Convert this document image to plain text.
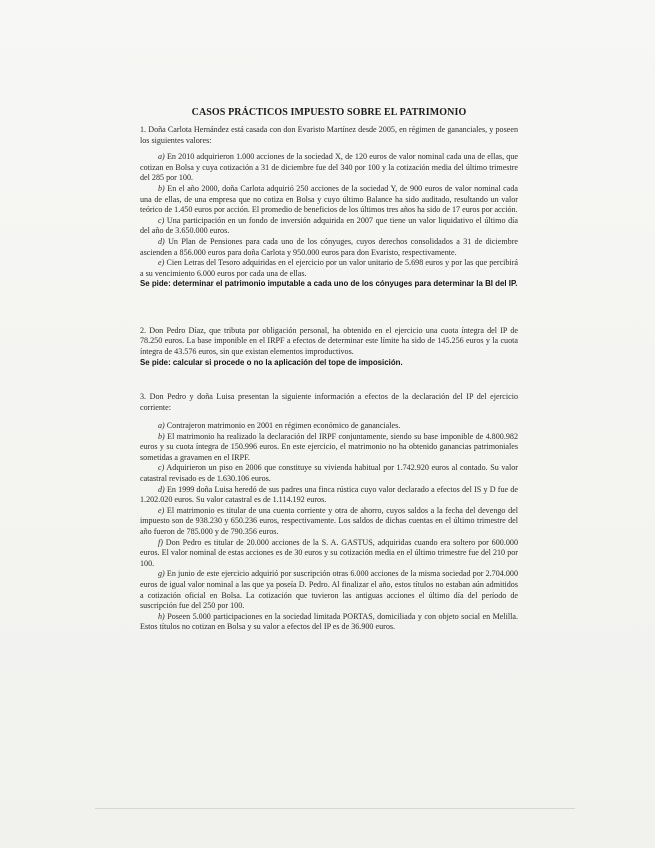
CASOS PRÁCTICOS IMPUESTO SOBRE EL PATRIMONIO

1. Doña Carlota Hernández está casada con don Evaristo Martínez desde 2005, en régimen de gananciales, y poseen los siguientes valores:

a) En 2010 adquirieron 1.000 acciones de la sociedad X, de 120 euros de valor nominal cada una de ellas, que cotizan en Bolsa y cuya cotización a 31 de diciembre fue del 340 por 100 y la cotización media del último trimestre del 285 por 100.

b) En el año 2000, doña Carlota adquirió 250 acciones de la sociedad Y, de 900 euros de valor nominal cada una de ellas, de una empresa que no cotiza en Bolsa y cuyo último Balance ha sido auditado, resultando un valor teórico de 1.450 euros por acción. El promedio de beneficios de los últimos tres años ha sido de 17 euros por acción.

c) Una participación en un fondo de inversión adquirida en 2007 que tiene un valor liquidativo el último día del año de 3.650.000 euros.

d) Un Plan de Pensiones para cada uno de los cónyuges, cuyos derechos consolidados a 31 de diciembre ascienden a 856.000 euros para doña Carlota y 950.000 euros para don Evaristo, respectivamente.

e) Cien Letras del Tesoro adquiridas en el ejercicio por un valor unitario de 5.698 euros y por las que percibirá a su vencimiento 6.000 euros por cada una de ellas.

Se pide: determinar el patrimonio imputable a cada uno de los cónyuges para determinar la BI del IP.

2. Don Pedro Díaz, que tributa por obligación personal, ha obtenido en el ejercicio una cuota íntegra del IP de 78.250 euros. La base imponible en el IRPF a efectos de determinar este límite ha sido de 145.256 euros y la cuota íntegra de 43.576 euros, sin que existan elementos improductivos.

Se pide: calcular si procede o no la aplicación del tope de imposición.

3. Don Pedro y doña Luisa presentan la siguiente información a efectos de la declaración del IP del ejercicio corriente:

a) Contrajeron matrimonio en 2001 en régimen económico de gananciales.

b) El matrimonio ha realizado la declaración del IRPF conjuntamente, siendo su base imponible de 4.800.982 euros y su cuota íntegra de 150.996 euros. En este ejercicio, el matrimonio no ha obtenido ganancias patrimoniales sometidas a gravamen en el IRPF.

c) Adquirieron un piso en 2006 que constituye su vivienda habitual por 1.742.920 euros al contado. Su valor catastral revisado es de 1.630.106 euros.

d) En 1999 doña Luisa heredó de sus padres una finca rústica cuyo valor declarado a efectos del IS y D fue de 1.202.020 euros. Su valor catastral es de 1.114.192 euros.

e) El matrimonio es titular de una cuenta corriente y otra de ahorro, cuyos saldos a la fecha del devengo del impuesto son de 938.230 y 650.236 euros, respectivamente. Los saldos de dichas cuentas en el último trimestre del año fueron de 785.000 y de 790.356 euros.

f) Don Pedro es titular de 20.000 acciones de la S. A. GASTUS, adquiridas cuando era soltero por 600.000 euros. El valor nominal de estas acciones es de 30 euros y su cotización media en el último trimestre fue del 210 por 100.

g) En junio de este ejercicio adquirió por suscripción otras 6.000 acciones de la misma sociedad por 2.704.000 euros de igual valor nominal a las que ya poseía D. Pedro. Al finalizar el año, estos títulos no estaban aún admitidos a cotización oficial en Bolsa. La cotización que tuvieron las antiguas acciones el último día del período de suscripción fue del 250 por 100.

h) Poseen 5.000 participaciones en la sociedad limitada PORTAS, domiciliada y con objeto social en Melilla. Estos títulos no cotizan en Bolsa y su valor a efectos del IP es de 36.900 euros.
